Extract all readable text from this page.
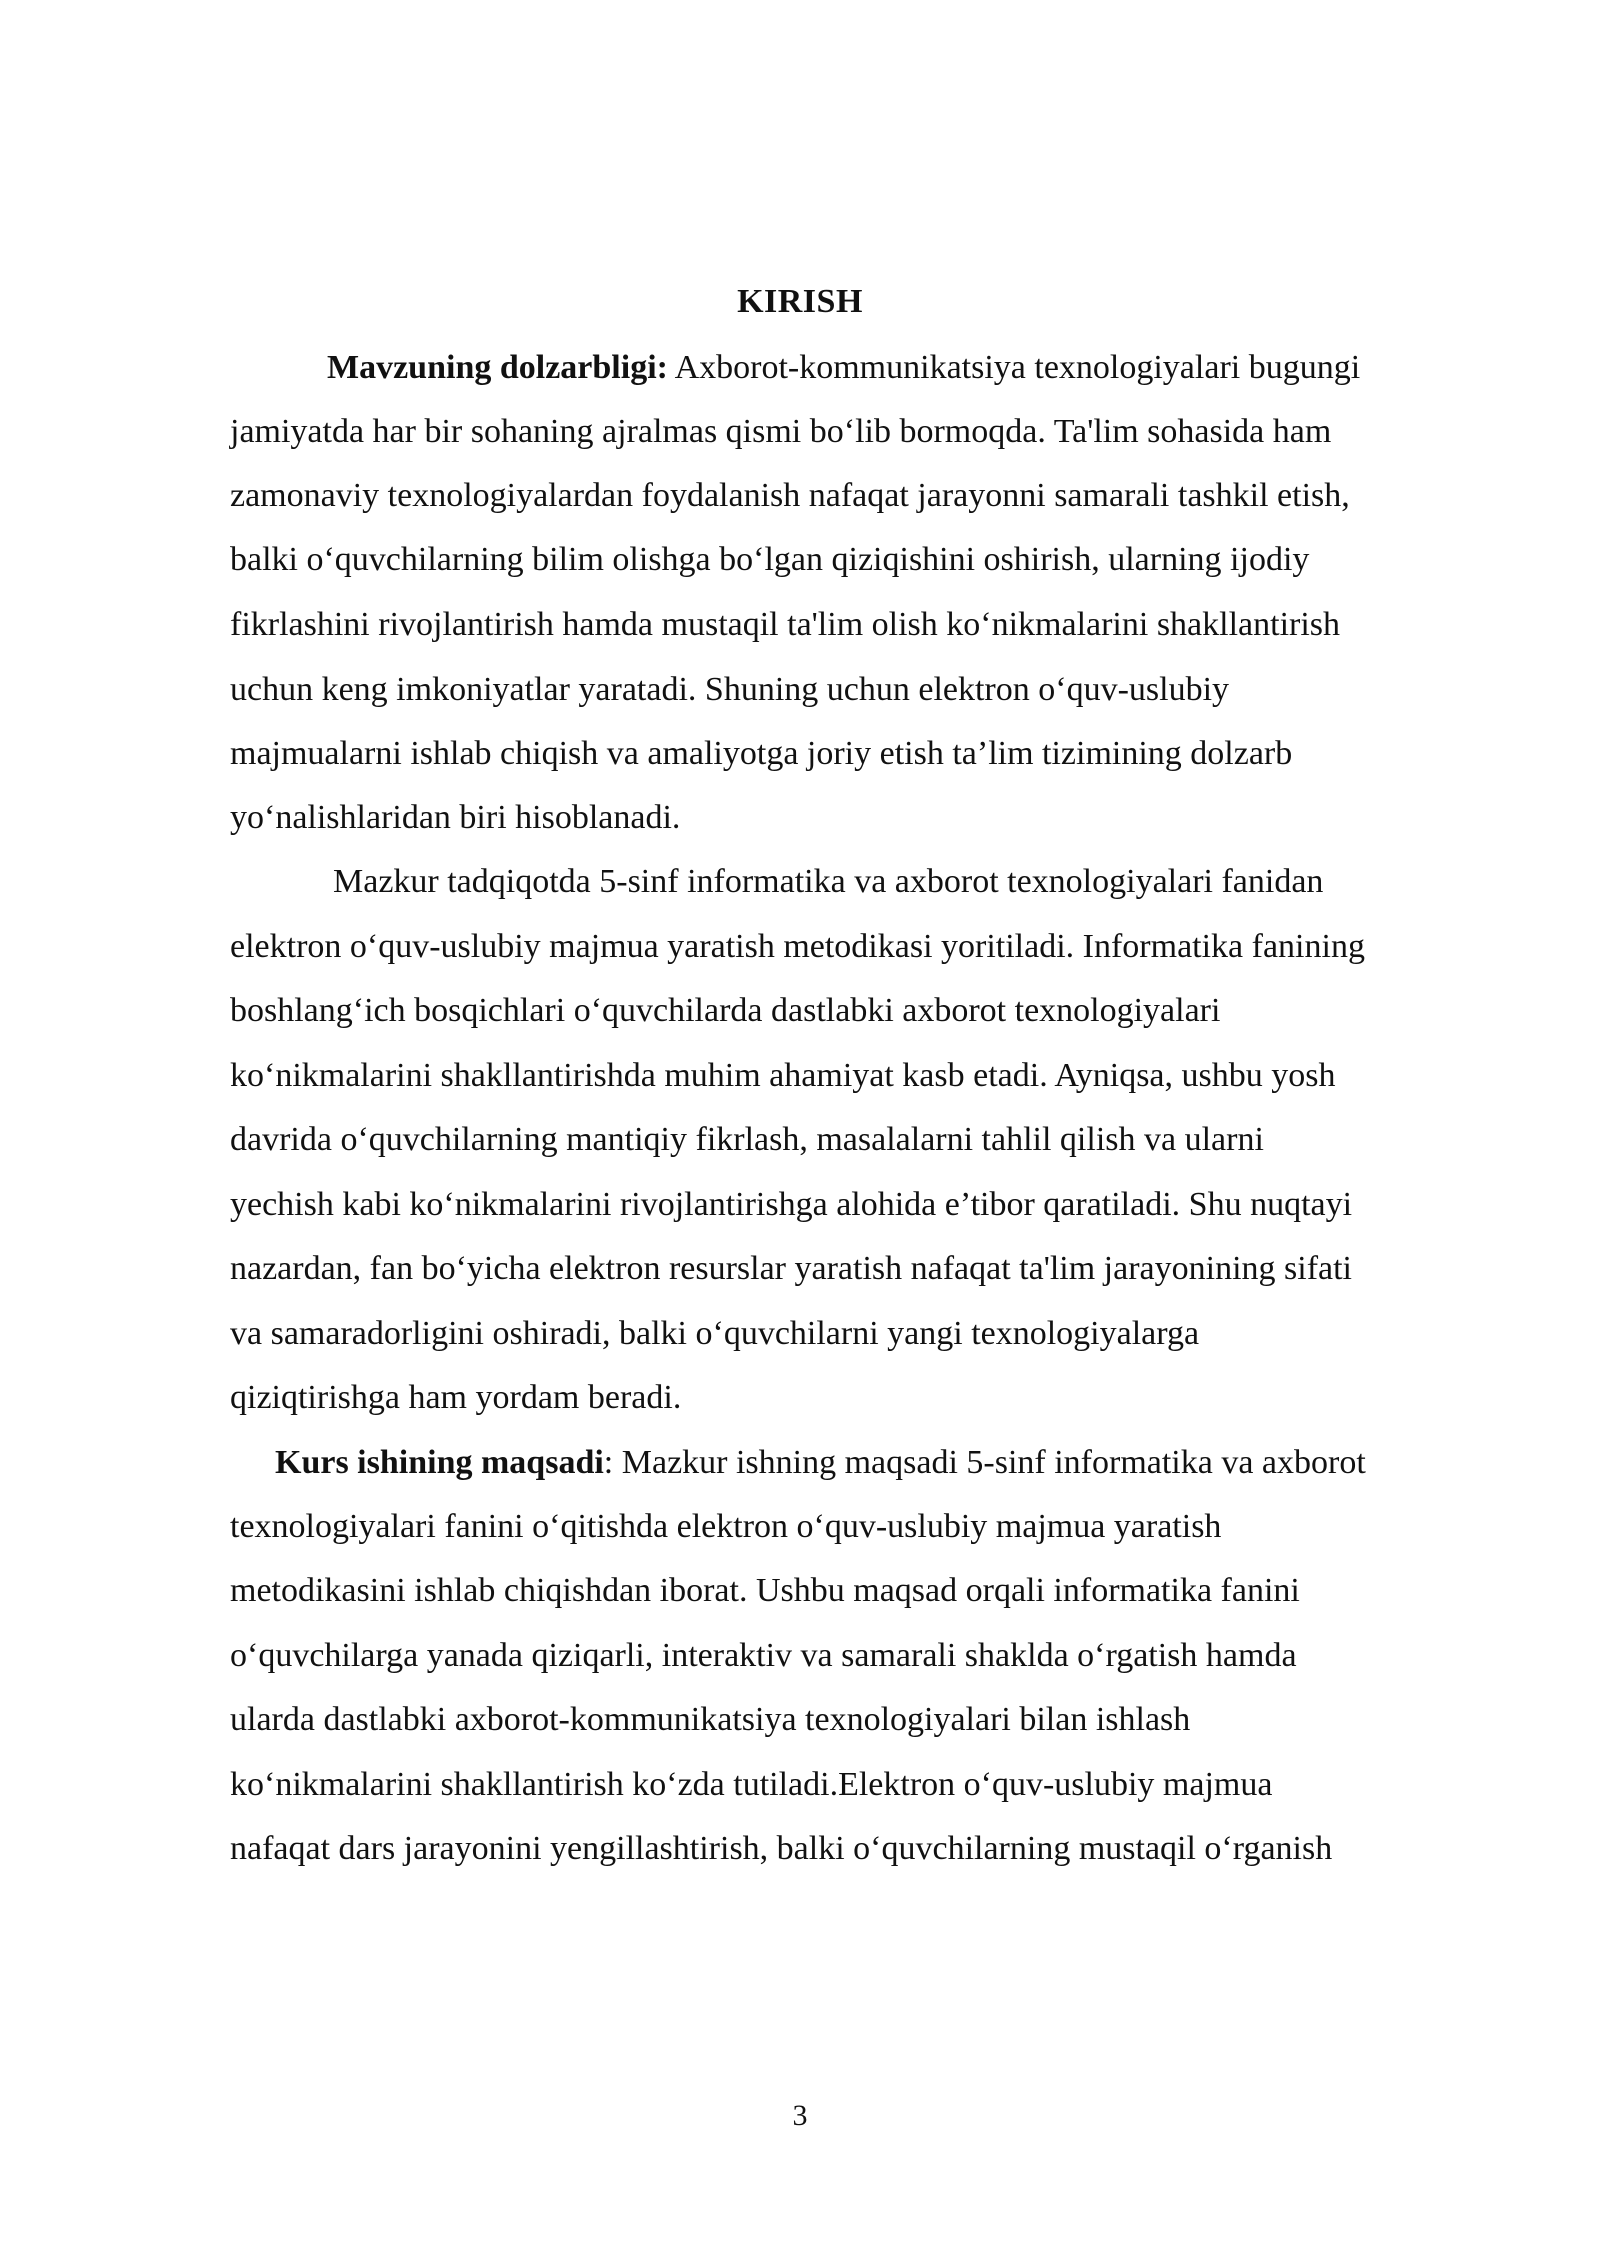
KIRISH
Mavzuning dolzarbligi: Axborot-kommunikatsiya texnologiyalari bugungi
jamiyatda har bir sohaning ajralmas qismi bo‘lib bormoqda. Ta'lim sohasida ham
zamonaviy texnologiyalardan foydalanish nafaqat jarayonni samarali tashkil etish,
balki o‘quvchilarning bilim olishga bo‘lgan qiziqishini oshirish, ularning ijodiy
fikrlashini rivojlantirish hamda mustaqil ta'lim olish ko‘nikmalarini shakllantirish
uchun keng imkoniyatlar yaratadi. Shuning uchun elektron o‘quv-uslubiy
majmualarni ishlab chiqish va amaliyotga joriy etish ta’lim tizimining dolzarb
yo‘nalishlaridan biri hisoblanadi.
Mazkur tadqiqotda 5-sinf informatika va axborot texnologiyalari fanidan
elektron o‘quv-uslubiy majmua yaratish metodikasi yoritiladi. Informatika fanining
boshlang‘ich bosqichlari o‘quvchilarda dastlabki axborot texnologiyalari
ko‘nikmalarini shakllantirishda muhim ahamiyat kasb etadi. Ayniqsa, ushbu yosh
davrida o‘quvchilarning mantiqiy fikrlash, masalalarni tahlil qilish va ularni
yechish kabi ko‘nikmalarini rivojlantirishga alohida e’tibor qaratiladi. Shu nuqtayi
nazardan, fan bo‘yicha elektron resurslar yaratish nafaqat ta'lim jarayonining sifati
va samaradorligini oshiradi, balki o‘quvchilarni yangi texnologiyalarga
qiziqtirishga ham yordam beradi.
Kurs ishining maqsadi: Mazkur ishning maqsadi 5-sinf informatika va axborot
texnologiyalari fanini o‘qitishda elektron o‘quv-uslubiy majmua yaratish
metodikasini ishlab chiqishdan iborat. Ushbu maqsad orqali informatika fanini
o‘quvchilarga yanada qiziqarli, interaktiv va samarali shaklda o‘rgatish hamda
ularda dastlabki axborot-kommunikatsiya texnologiyalari bilan ishlash
ko‘nikmalarini shakllantirish ko‘zda tutiladi.Elektron o‘quv-uslubiy majmua
nafaqat dars jarayonini yengillashtirish, balki o‘quvchilarning mustaqil o‘rganish
3
